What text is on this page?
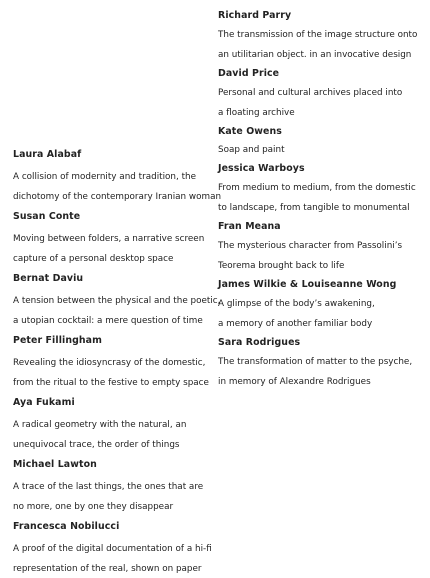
Richard Parry
The transmission of the image structure onto
an utilitarian object. in an invocative design
David Price
Personal and cultural archives placed into
a floating archive
Kate Owens
Soap and paint
Jessica Warboys
From medium to medium, from the domestic
to landscape, from tangible to monumental
Fran Meana
The mysterious character from Passolini’s
Teorema brought back to life
James Wilkie & Louiseanne Wong
A glimpse of the body’s awakening,
a memory of another familiar body
Sara Rodrigues
The transformation of matter to the psyche,
in memory of Alexandre Rodrigues
Laura Alabaf
A collision of modernity and tradition, the
dichotomy of the contemporary Iranian woman
Susan Conte
Moving between folders, a narrative screen
capture of a personal desktop space
Bernat Daviu
A tension between the physical and the poetic,
a utopian cocktail: a mere question of time
Peter Fillingham
Revealing the idiosyncrasy of the domestic,
from the ritual to the festive to empty space
Aya Fukami
A radical geometry with the natural, an
unequivocal trace, the order of things
Michael Lawton
A trace of the last things, the ones that are
no more, one by one they disappear
Francesca Nobilucci
A proof of the digital documentation of a hi-fi
representation of the real, shown on paper
